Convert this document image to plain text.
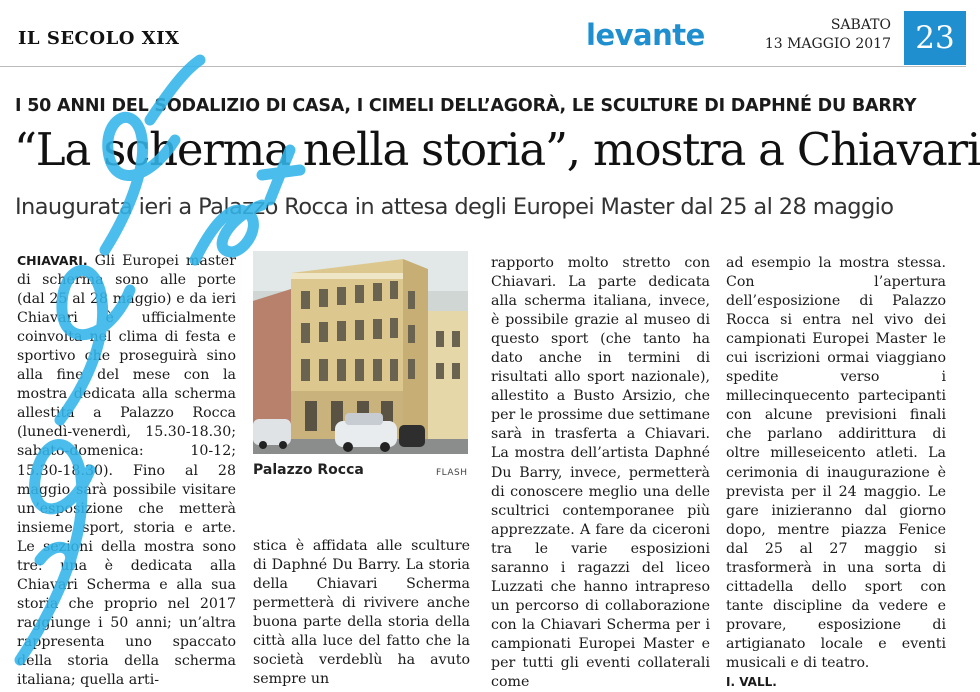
IL SECOLO XIX	levante	SABATO
13 MAGGIO 2017 23
I 50 ANNI DEL SODALIZIO DI CASA, I CIMELI DELL’AGORÀ, LE SCULTURE DI DAPHNÉ DU BARRY
“La scherma nella storia”, mostra a Chiavari
Inaugurata ieri a Palazzo Rocca in attesa degli Europei Master dal 25 al 28 maggio
CHIAVARI. Gli Europei master di scherma sono alle porte (dal 25 al 28 maggio) e da ieri Chiavari è ufficialmente coinvolta nel clima di festa e sportivo che proseguirà sino alla fine del mese con la mostra dedicata alla scherma allestita a Palazzo Rocca (lunedì-venerdì, 15.30-18.30; sabato-domenica: 10-12; 15.30-18.30). Fino al 28 maggio sarà possibile visitare un’esposizione che metterà insieme sport, storia e arte. Le sezioni della mostra sono tre: una è dedicata alla Chiavari Scherma e alla sua storia che proprio nel 2017 raggiunge i 50 anni; un’altra rappresenta uno spaccato della storia della scherma italiana; quella arti-
Palazzo Rocca	FLASH
stica è affidata alle sculture di Daphné Du Barry. La storia della Chiavari Scherma permetterà di rivivere anche buona parte della storia della città alla luce del fatto che la società verdeblù ha avuto sempre un
rapporto molto stretto con Chiavari. La parte dedicata alla scherma italiana, invece, è possibile grazie al museo di questo sport (che tanto ha dato anche in termini di risultati allo sport nazionale), allestito a Busto Arsizio, che per le prossime due settimane sarà in trasferta a Chiavari. La mostra dell’artista Daphné Du Barry, invece, permetterà di conoscere meglio una delle scultrici contemporanee più apprezzate. A fare da ciceroni tra le varie esposizioni saranno i ragazzi del liceo Luzzati che hanno intrapreso un percorso di collaborazione con la Chiavari Scherma per i campionati Europei Master e per tutti gli eventi collaterali come
ad esempio la mostra stessa. Con l’apertura dell’esposizione di Palazzo Rocca si entra nel vivo dei campionati Europei Master le cui iscrizioni ormai viaggiano spedite verso i millecinquecento partecipanti con alcune previsioni finali che parlano addirittura di oltre milleseicento atleti. La cerimonia di inaugurazione è prevista per il 24 maggio. Le gare inizieranno dal giorno dopo, mentre piazza Fenice dal 25 al 27 maggio si trasformerà in una sorta di cittadella dello sport con tante discipline da vedere e provare, esposizione di artigianato locale e eventi musicali e di teatro.
I. VALL.
